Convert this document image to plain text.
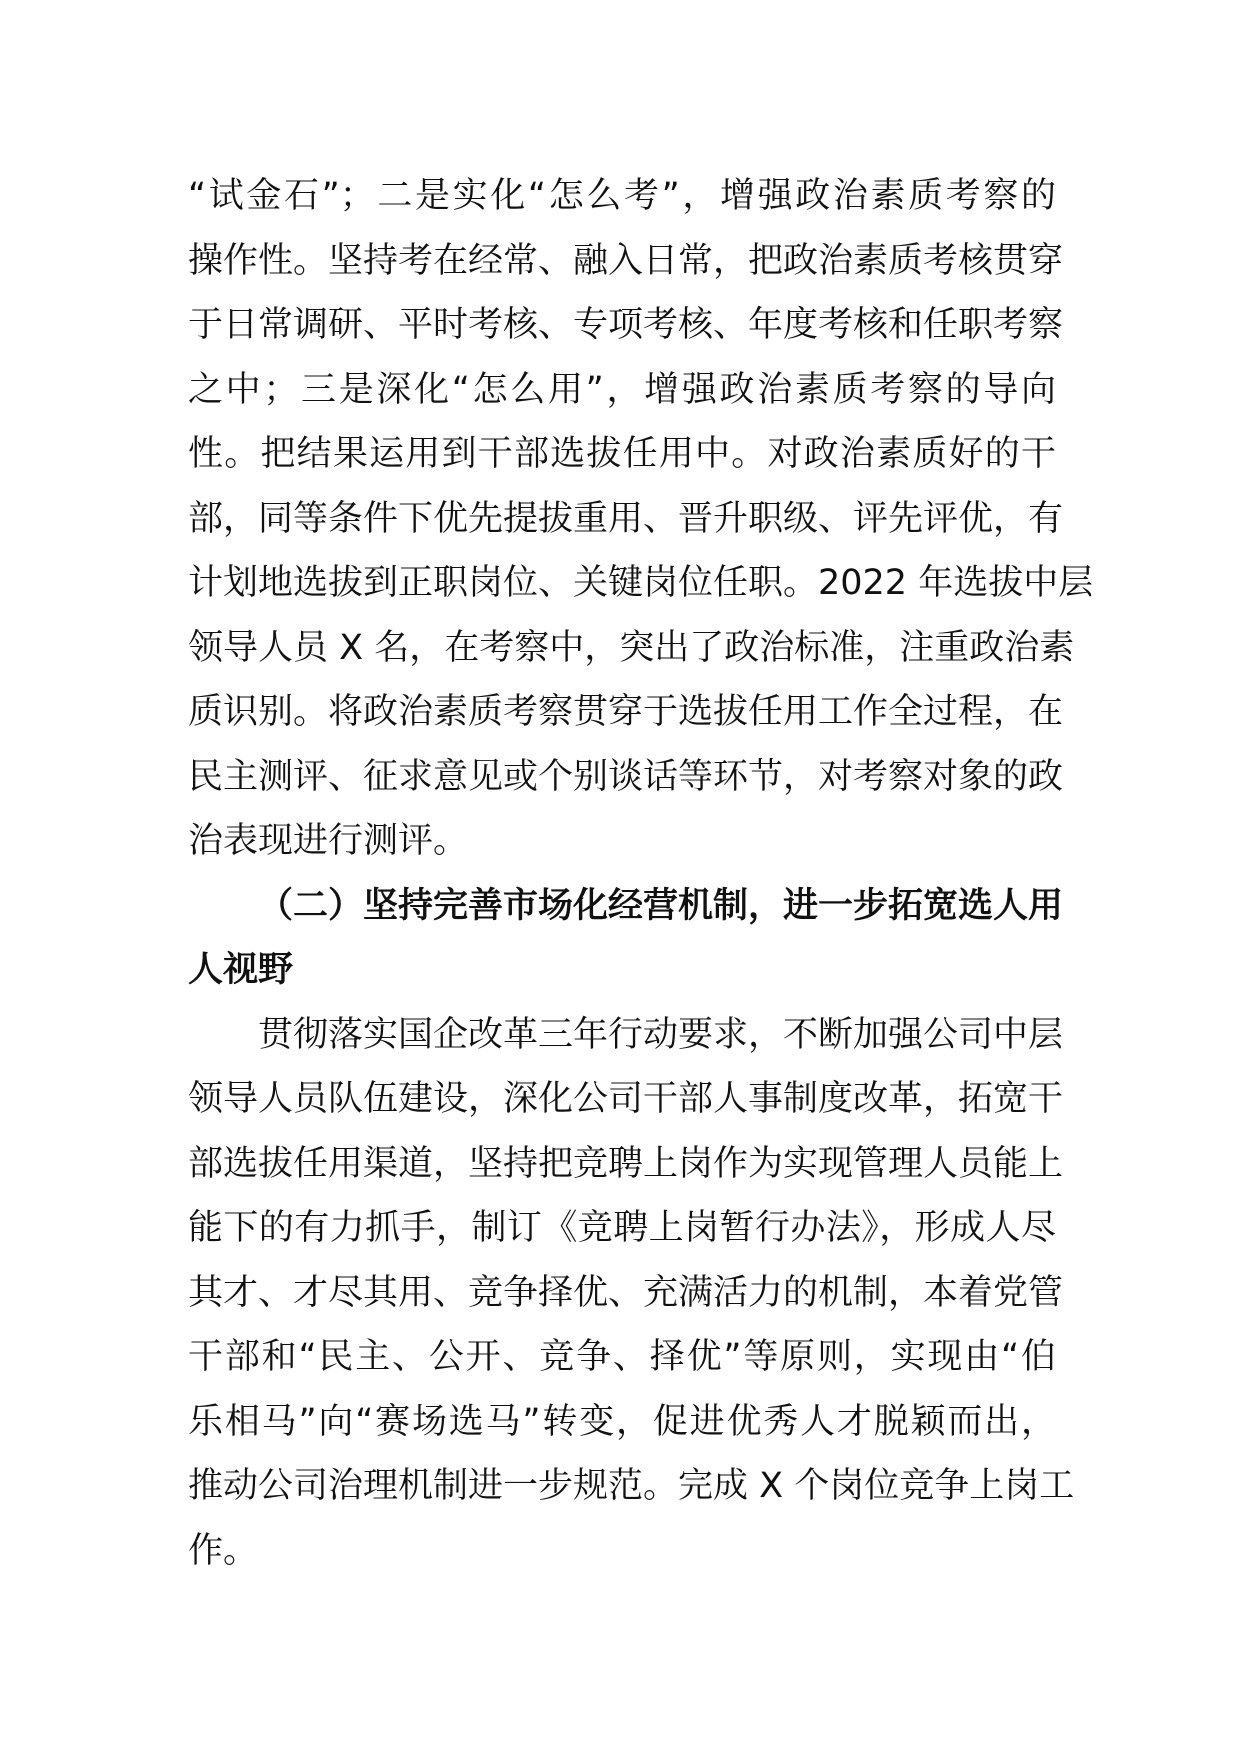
“试金石”；二是实化“怎么考”，增强政治素质考察的
操作性。坚持考在经常、融入日常，把政治素质考核贯穿
于日常调研、平时考核、专项考核、年度考核和任职考察
之中；三是深化“怎么用”，增强政治素质考察的导向
性。把结果运用到干部选拔任用中。对政治素质好的干
部，同等条件下优先提拔重用、晋升职级、评先评优，有
计划地选拔到正职岗位、关键岗位任职。2022 年选拔中层
领导人员 X 名，在考察中，突出了政治标准，注重政治素
质识别。将政治素质考察贯穿于选拔任用工作全过程，在
民主测评、征求意见或个别谈话等环节，对考察对象的政
治表现进行测评。
（二）坚持完善市场化经营机制，进一步拓宽选人用
人视野
贯彻落实国企改革三年行动要求，不断加强公司中层
领导人员队伍建设，深化公司干部人事制度改革，拓宽干
部选拔任用渠道，坚持把竞聘上岗作为实现管理人员能上
能下的有力抓手，制订《竞聘上岗暂行办法》，形成人尽
其才、才尽其用、竞争择优、充满活力的机制，本着党管
干部和“民主、公开、竞争、择优”等原则，实现由“伯
乐相马”向“赛场选马”转变，促进优秀人才脱颖而出，
推动公司治理机制进一步规范。完成 X 个岗位竞争上岗工
作。
